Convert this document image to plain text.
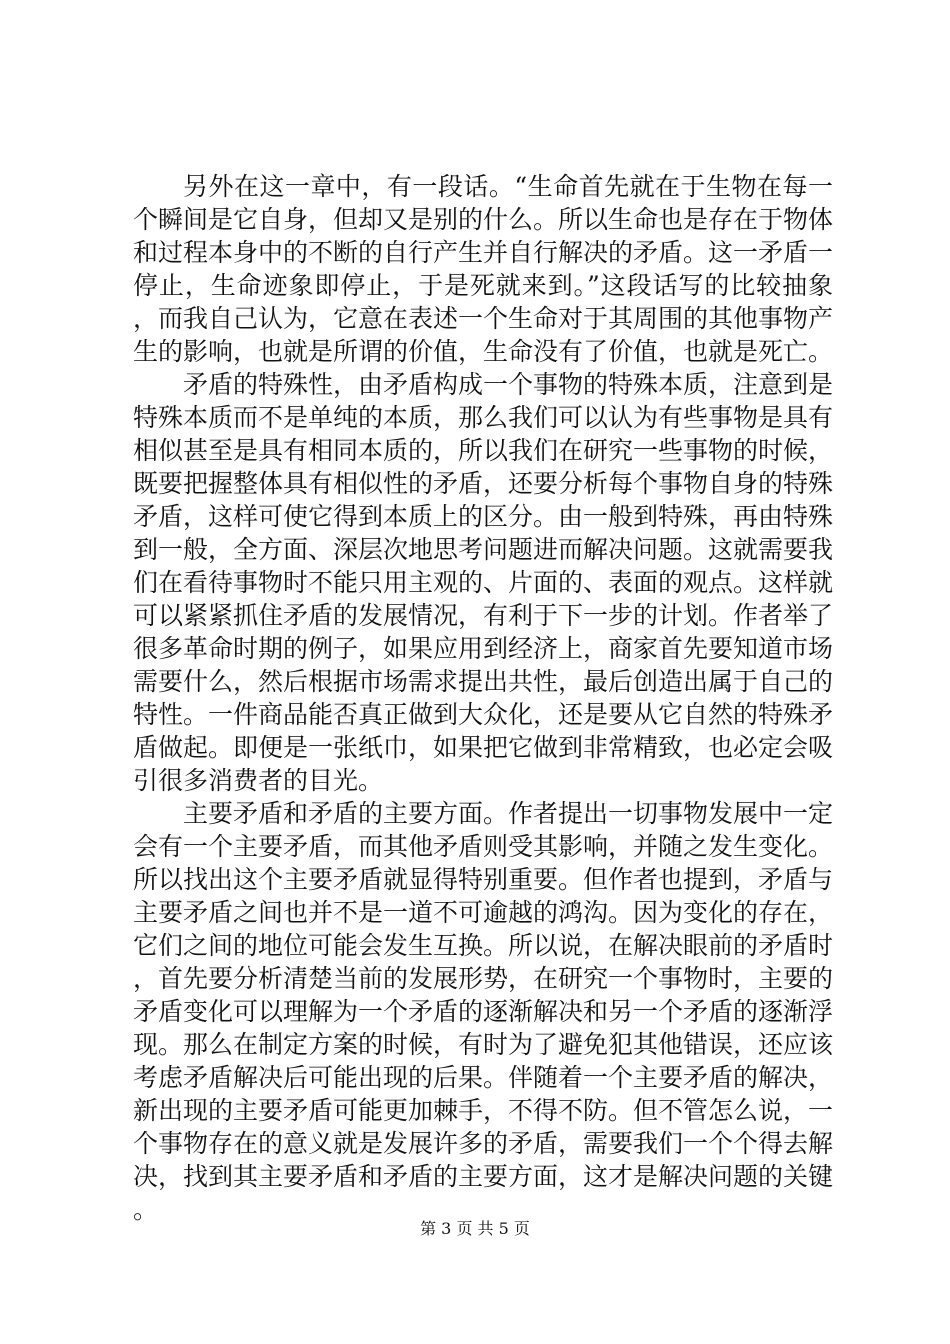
另外在这一章中，有一段话。“生命首先就在于生物在每一个瞬间是它自身，但却又是别的什么。所以生命也是存在于物体和过程本身中的不断的自行产生并自行解决的矛盾。这一矛盾一停止，生命迹象即停止，于是死就来到。”这段话写的比较抽象，而我自己认为，它意在表述一个生命对于其周围的其他事物产生的影响，也就是所谓的价值，生命没有了价值，也就是死亡。

矛盾的特殊性，由矛盾构成一个事物的特殊本质，注意到是特殊本质而不是单纯的本质，那么我们可以认为有些事物是具有相似甚至是具有相同本质的，所以我们在研究一些事物的时候，既要把握整体具有相似性的矛盾，还要分析每个事物自身的特殊矛盾，这样可使它得到本质上的区分。由一般到特殊，再由特殊到一般，全方面、深层次地思考问题进而解决问题。这就需要我们在看待事物时不能只用主观的、片面的、表面的观点。这样就可以紧紧抓住矛盾的发展情况，有利于下一步的计划。作者举了很多革命时期的例子，如果应用到经济上，商家首先要知道市场需要什么，然后根据市场需求提出共性，最后创造出属于自己的特性。一件商品能否真正做到大众化，还是要从它自然的特殊矛盾做起。即便是一张纸巾，如果把它做到非常精致，也必定会吸引很多消费者的目光。

主要矛盾和矛盾的主要方面。作者提出一切事物发展中一定会有一个主要矛盾，而其他矛盾则受其影响，并随之发生变化。所以找出这个主要矛盾就显得特别重要。但作者也提到，矛盾与主要矛盾之间也并不是一道不可逾越的鸿沟。因为变化的存在，它们之间的地位可能会发生互换。所以说，在解决眼前的矛盾时，首先要分析清楚当前的发展形势，在研究一个事物时，主要的矛盾变化可以理解为一个矛盾的逐渐解决和另一个矛盾的逐渐浮现。那么在制定方案的时候，有时为了避免犯其他错误，还应该考虑矛盾解决后可能出现的后果。伴随着一个主要矛盾的解决，新出现的主要矛盾可能更加棘手，不得不防。但不管怎么说，一个事物存在的意义就是发展许多的矛盾，需要我们一个个得去解决，找到其主要矛盾和矛盾的主要方面，这才是解决问题的关键。

第 3 页 共 5 页
